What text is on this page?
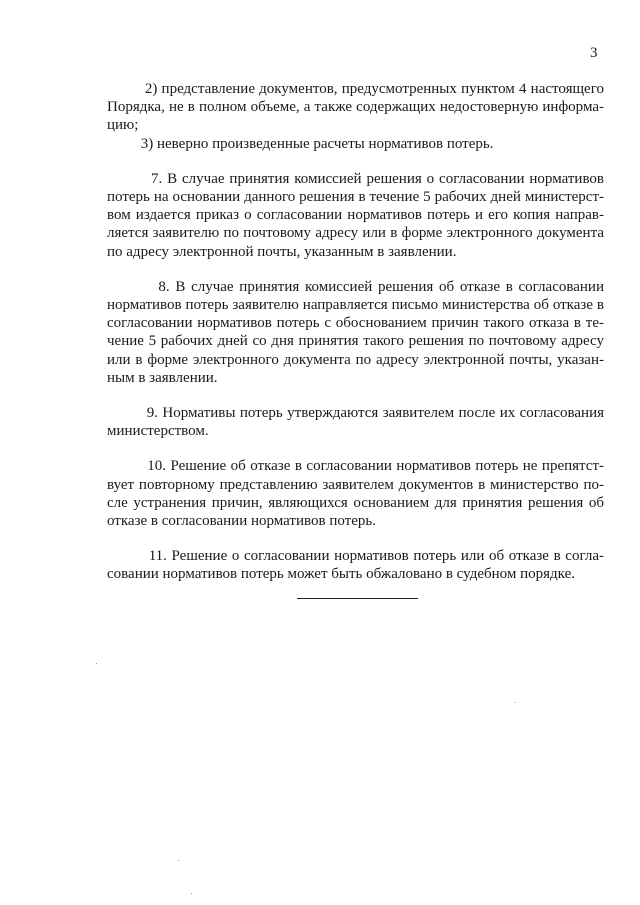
3

2) представление документов, предусмотренных пунктом 4 настоящего
Порядка, не в полном объеме, а также содержащих недостоверную информа-
цию;

3) неверно произведенные расчеты нормативов потерь.

7. В случае принятия комиссией решения о согласовании нормативов
потерь на основании данного решения в течение 5 рабочих дней министерст-
вом издается приказ о согласовании нормативов потерь и его копия направ-
ляется заявителю по почтовому адресу или в форме электронного документа
по адресу электронной почты, указанным в заявлении.

8. В случае принятия комиссией решения об отказе в согласовании
нормативов потерь заявителю направляется письмо министерства об отказе в
согласовании нормативов потерь с обоснованием причин такого отказа в те-
чение 5 рабочих дней со дня принятия такого решения по почтовому адресу
или в форме электронного документа по адресу электронной почты, указан-
ным в заявлении.

9. Нормативы потерь утверждаются заявителем после их согласования
министерством.

10. Решение об отказе в согласовании нормативов потерь не препятст-
вует повторному представлению заявителем документов в министерство по-
сле устранения причин, являющихся основанием для принятия решения об
отказе в согласовании нормативов потерь.

11. Решение о согласовании нормативов потерь или об отказе в согла-
совании нормативов потерь может быть обжаловано в судебном порядке.
